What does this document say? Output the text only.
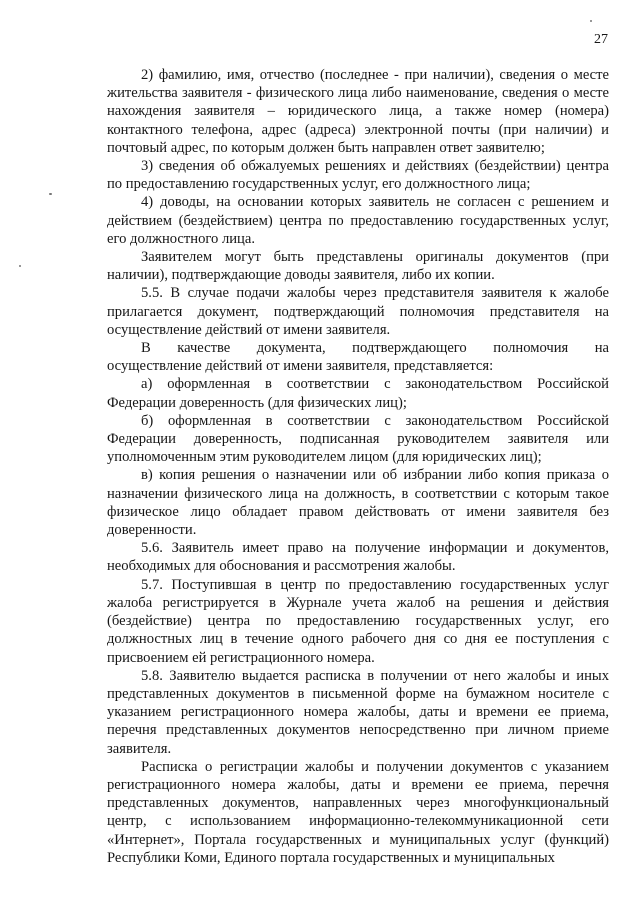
27

2) фамилию, имя, отчество (последнее - при наличии), сведения о месте жительства заявителя - физического лица либо наименование, сведения о месте нахождения заявителя – юридического лица, а также номер (номера) контактного телефона, адрес (адреса) электронной почты (при наличии) и почтовый адрес, по которым должен быть направлен ответ заявителю;

3) сведения об обжалуемых решениях и действиях (бездействии) центра по предоставлению государственных услуг, его должностного лица;

4) доводы, на основании которых заявитель не согласен с решением и действием (бездействием) центра по предоставлению государственных услуг, его должностного лица.

Заявителем могут быть представлены оригиналы документов (при наличии), подтверждающие доводы заявителя, либо их копии.

5.5. В случае подачи жалобы через представителя заявителя к жалобе прилагается документ, подтверждающий полномочия представителя на осуществление действий от имени заявителя.

В качестве документа, подтверждающего полномочия на

осуществление действий от имени заявителя, представляется:

а) оформленная в соответствии с законодательством Российской Федерации доверенность (для физических лиц);

б) оформленная в соответствии с законодательством Российской Федерации доверенность, подписанная руководителем заявителя или уполномоченным этим руководителем лицом (для юридических лиц);

в) копия решения о назначении или об избрании либо копия приказа о назначении физического лица на должность, в соответствии с которым такое физическое лицо обладает правом действовать от имени заявителя без доверенности.

5.6. Заявитель имеет право на получение информации и документов, необходимых для обоснования и рассмотрения жалобы.

5.7. Поступившая в центр по предоставлению государственных услуг жалоба регистрируется в Журнале учета жалоб на решения и действия (бездействие) центра по предоставлению государственных услуг, его должностных лиц в течение одного рабочего дня со дня ее поступления с присвоением ей регистрационного номера.

5.8. Заявителю выдается расписка в получении от него жалобы и иных представленных документов в письменной форме на бумажном носителе с указанием регистрационного номера жалобы, даты и времени ее приема, перечня представленных документов непосредственно при личном приеме заявителя.

Расписка о регистрации жалобы и получении документов с указанием регистрационного номера жалобы, даты и времени ее приема, перечня представленных документов, направленных через многофункциональный центр, с использованием информационно-телекоммуникационной сети «Интернет», Портала государственных и муниципальных услуг (функций) Республики Коми, Единого портала государственных и муниципальных
